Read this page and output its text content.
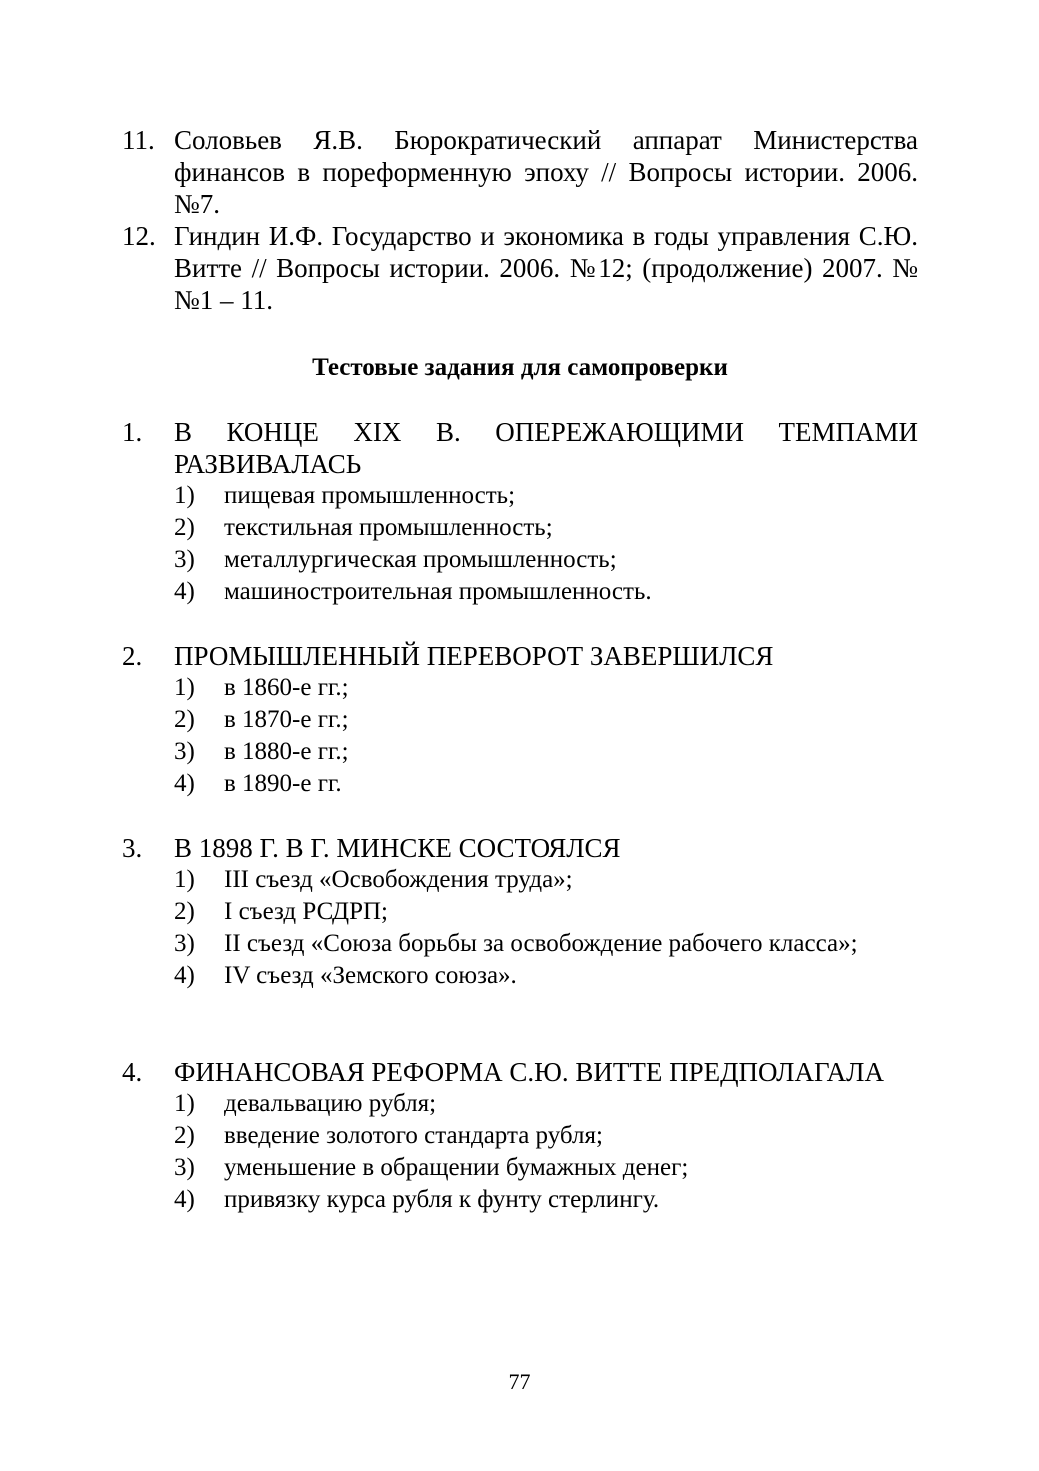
11. Соловьев Я.В. Бюрократический аппарат Министерства финансов в пореформенную эпоху // Вопросы истории. 2006. №7.
12. Гиндин И.Ф. Государство и экономика в годы управления С.Ю. Витте // Вопросы истории. 2006. №12; (продолжение) 2007. №№1 – 11.
Тестовые задания для самопроверки
1.	В КОНЦЕ XIX В. ОПЕРЕЖАЮЩИМИ ТЕМПАМИ РАЗВИВАЛАСЬ
1)	пищевая промышленность;
2)	текстильная промышленность;
3)	металлургическая промышленность;
4)	машиностроительная промышленность.
2.	ПРОМЫШЛЕННЫЙ ПЕРЕВОРОТ ЗАВЕРШИЛСЯ
1)	в 1860-е гг.;
2)	в 1870-е гг.;
3)	в 1880-е гг.;
4)	в 1890-е гг.
3.	В 1898 Г. В Г. МИНСКЕ СОСТОЯЛСЯ
1)	III съезд «Освобождения труда»;
2)	I съезд РСДРП;
3)	II съезд «Союза борьбы за освобождение рабочего класса»;
4)	IV съезд «Земского союза».
4.	ФИНАНСОВАЯ РЕФОРМА С.Ю. ВИТТЕ ПРЕДПОЛАГАЛА
1)	девальвацию рубля;
2)	введение золотого стандарта рубля;
3)	уменьшение в обращении бумажных денег;
4)	привязку курса рубля к фунту стерлингу.
77
